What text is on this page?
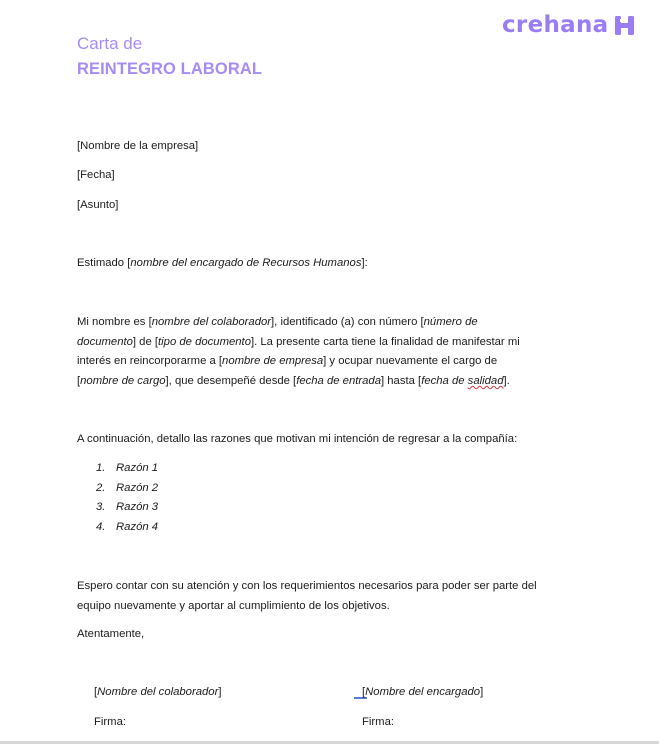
crehana
Carta de
REINTEGRO LABORAL
[Nombre de la empresa]
[Fecha]
[Asunto]
Estimado [nombre del encargado de Recursos Humanos]:
Mi nombre es [nombre del colaborador], identificado (a) con número [número de
documento] de [tipo de documento]. La presente carta tiene la finalidad de manifestar mi
interés en reincorporarme a [nombre de empresa] y ocupar nuevamente el cargo de
[nombre de cargo], que desempeñé desde [fecha de entrada] hasta [fecha de salidad].
A continuación, detallo las razones que motivan mi intención de regresar a la compañía:
1. Razón 1
2. Razón 2
3. Razón 3
4. Razón 4
Espero contar con su atención y con los requerimientos necesarios para poder ser parte del
equipo nuevamente y aportar al cumplimiento de los objetivos.
Atentamente,
[Nombre del colaborador]	[Nombre del encargado]
Firma:	Firma:
